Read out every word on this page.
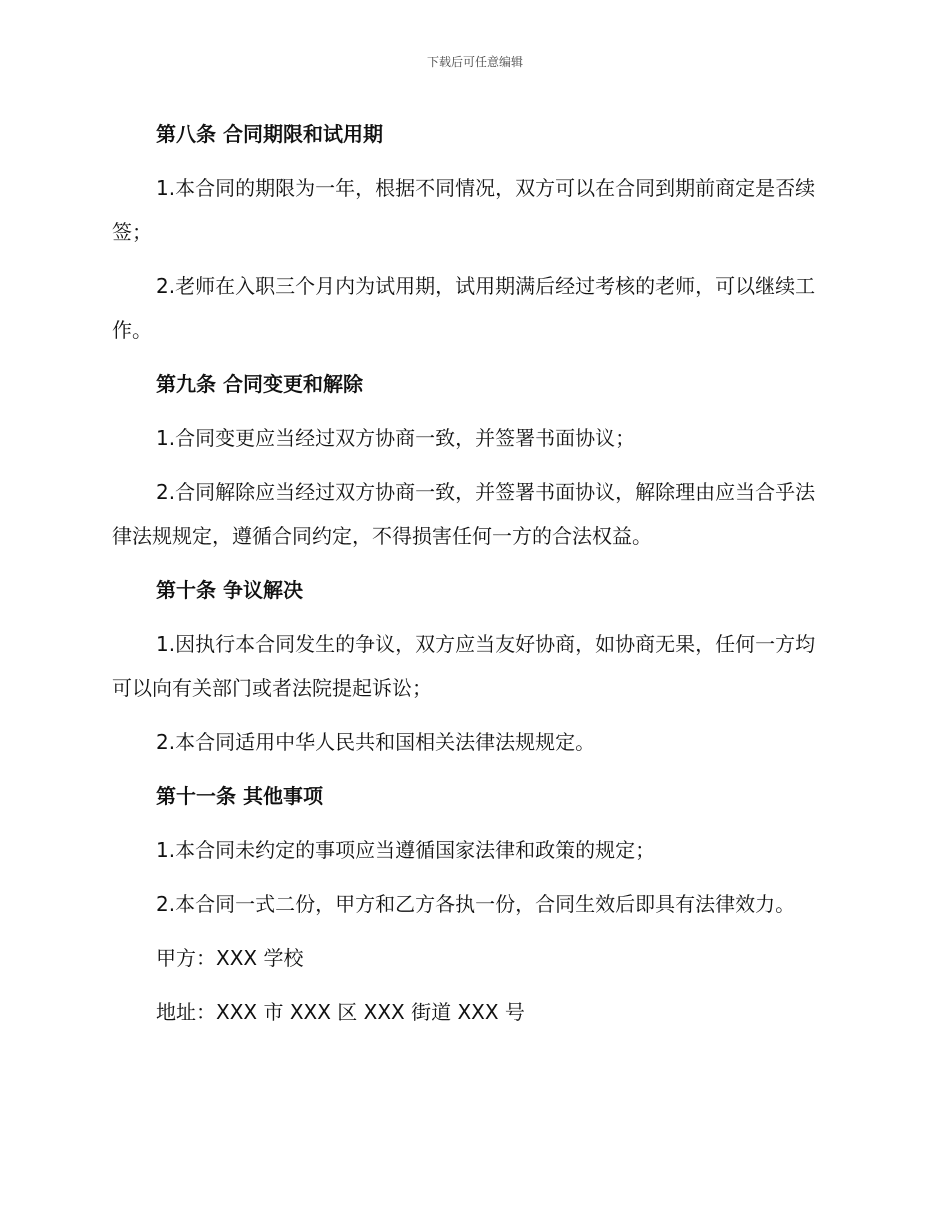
下载后可任意编辑

第八条 合同期限和试用期

1.本合同的期限为一年，根据不同情况，双方可以在合同到期前商定是否续签；

2.老师在入职三个月内为试用期，试用期满后经过考核的老师，可以继续工作。

第九条 合同变更和解除

1.合同变更应当经过双方协商一致，并签署书面协议；

2.合同解除应当经过双方协商一致，并签署书面协议，解除理由应当合乎法律法规规定，遵循合同约定，不得损害任何一方的合法权益。

第十条 争议解决

1.因执行本合同发生的争议，双方应当友好协商，如协商无果，任何一方均可以向有关部门或者法院提起诉讼；

2.本合同适用中华人民共和国相关法律法规规定。

第十一条 其他事项

1.本合同未约定的事项应当遵循国家法律和政策的规定；

2.本合同一式二份，甲方和乙方各执一份，合同生效后即具有法律效力。

甲方：XXX 学校

地址：XXX 市 XXX 区 XXX 街道 XXX 号
